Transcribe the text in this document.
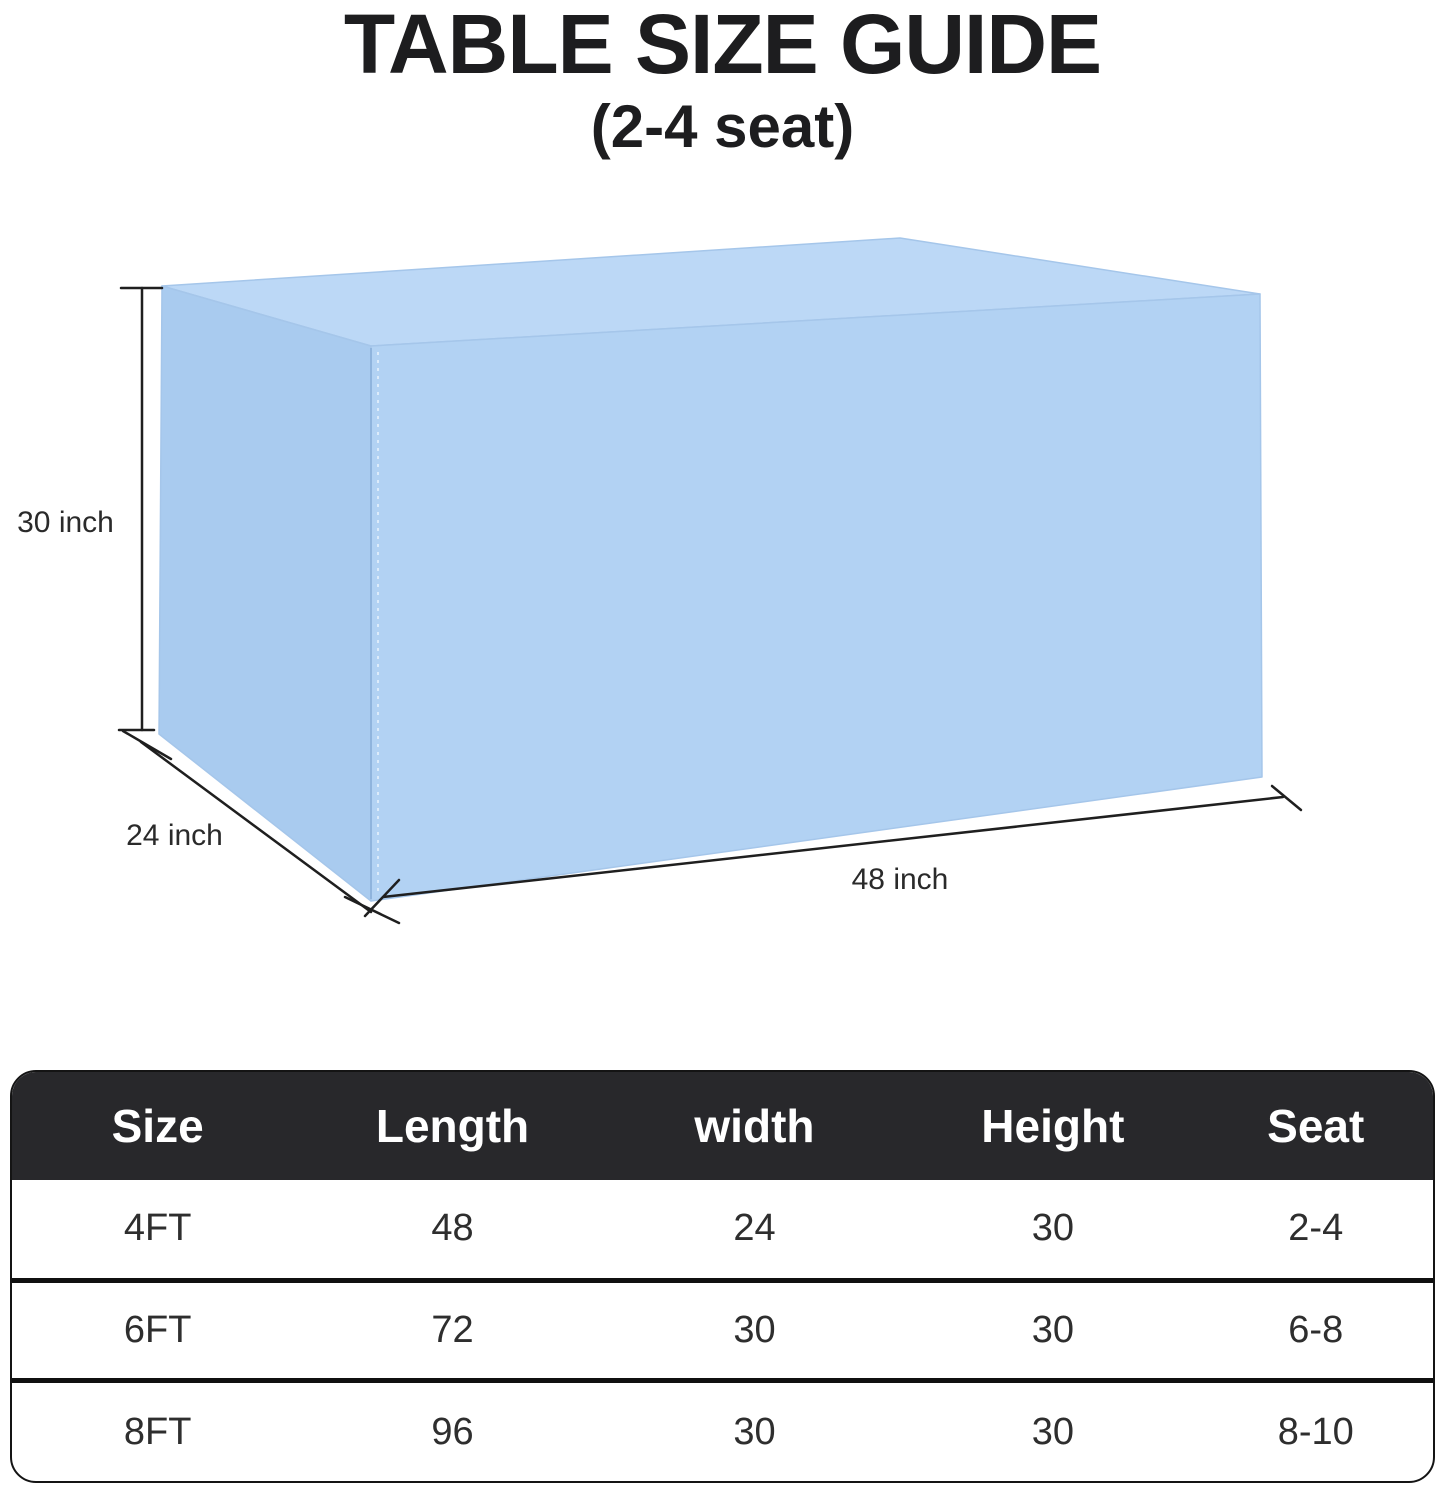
TABLE SIZE GUIDE
(2-4 seat)
30 inch
24 inch
48 inch
Size	Length	width	Height	Seat
4FT	48	24	30	2-4
6FT	72	30	30	6-8
8FT	96	30	30	8-10
